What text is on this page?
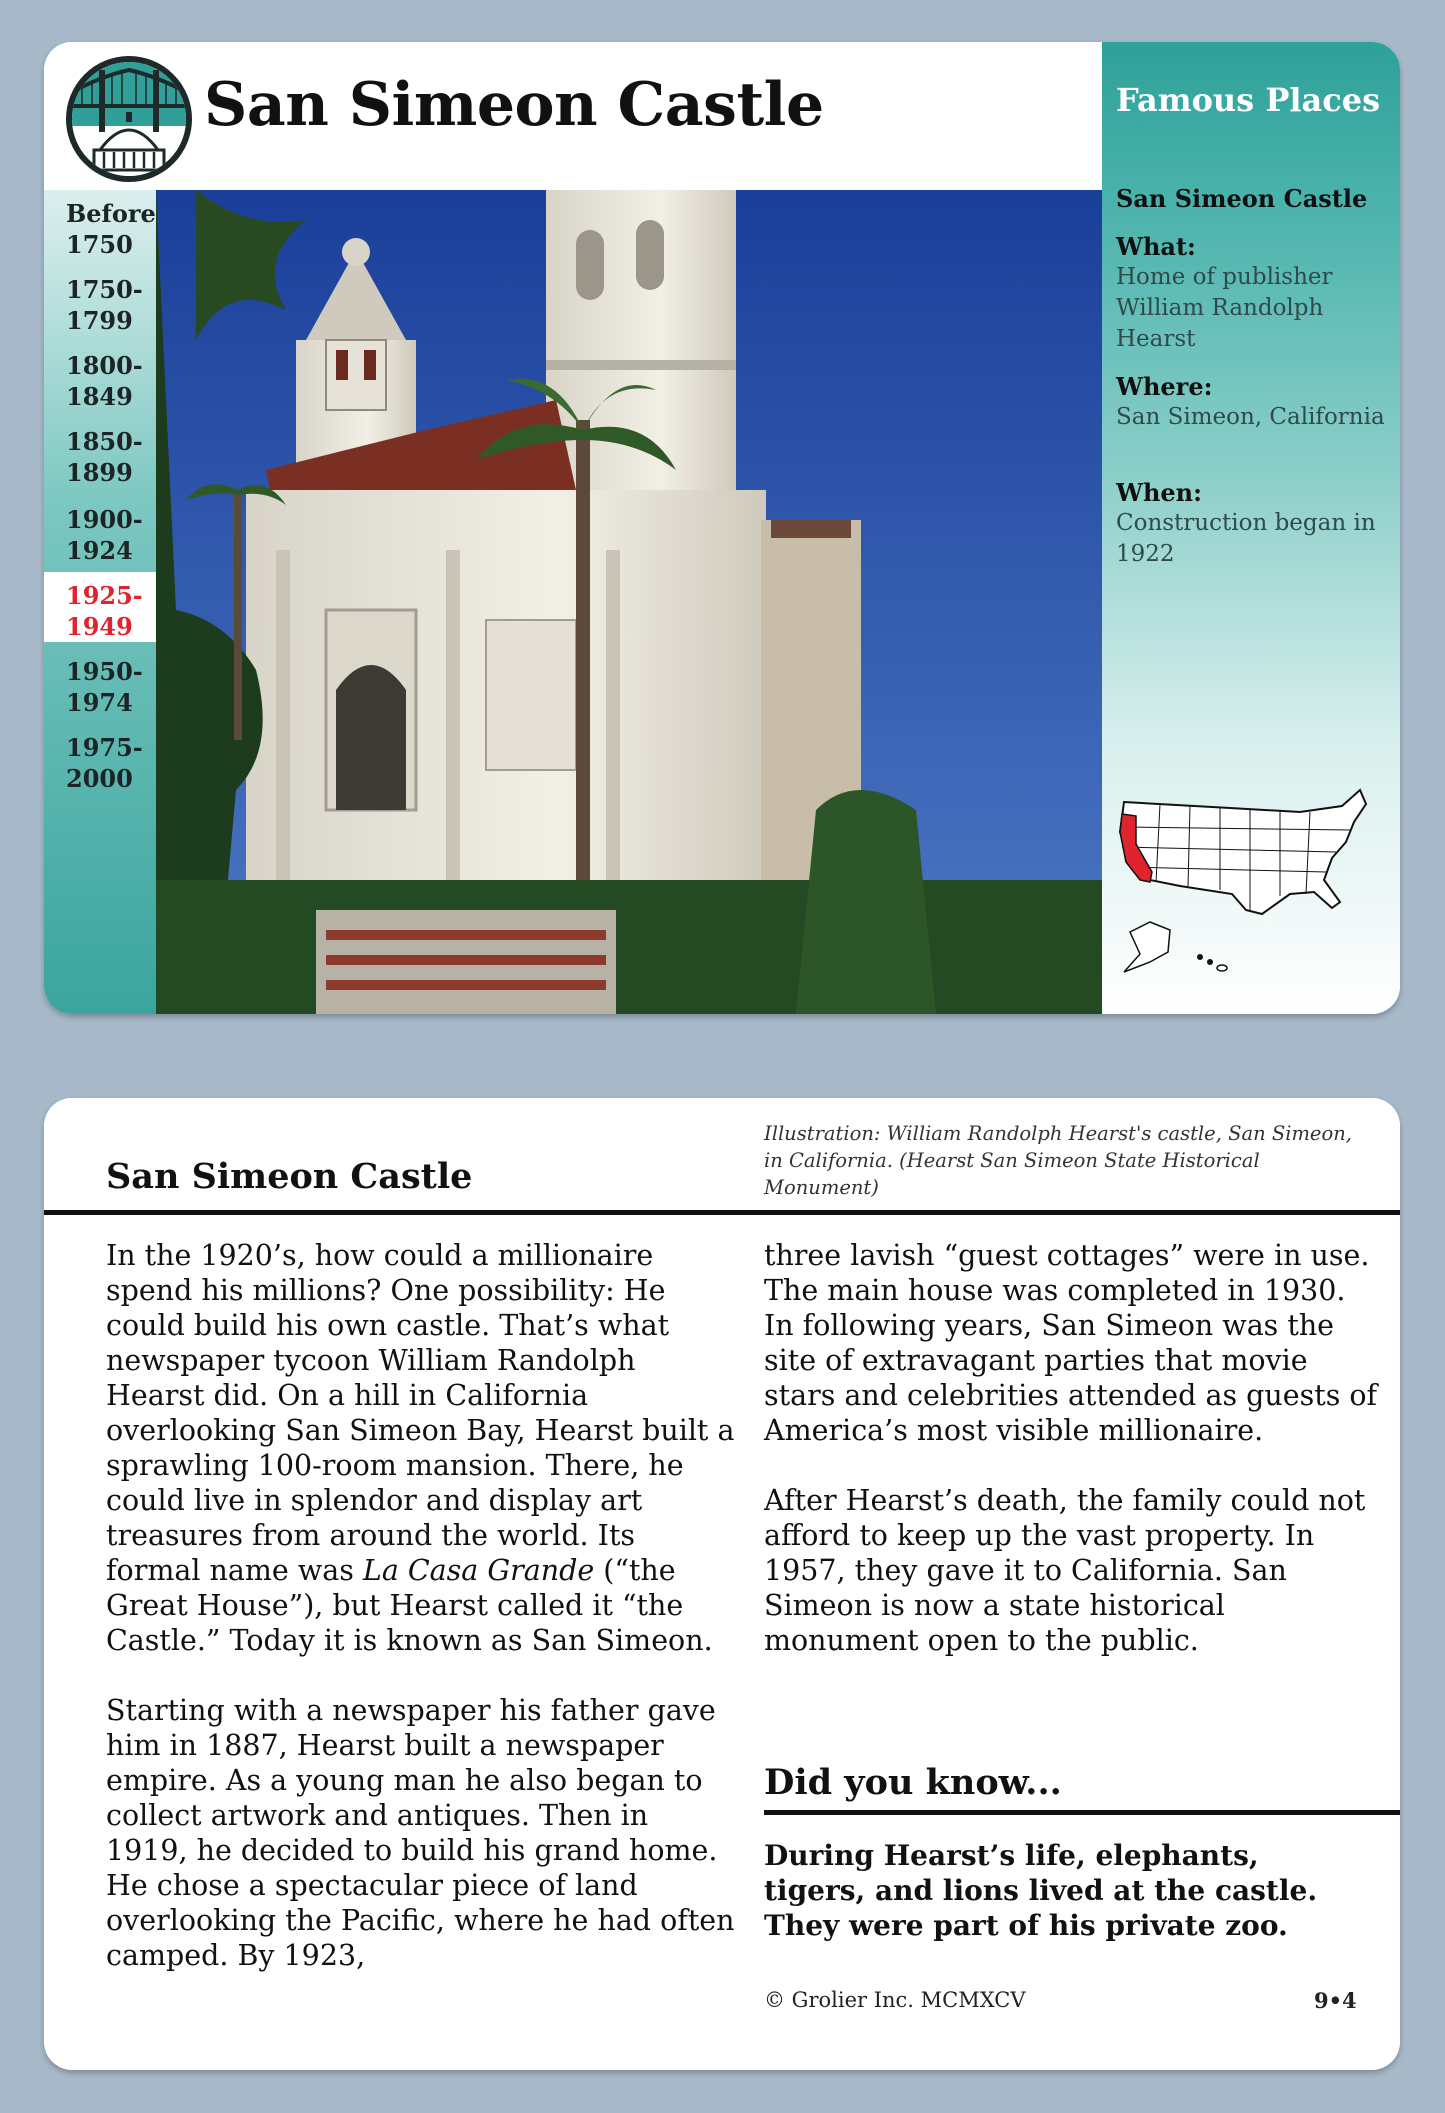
San Simeon Castle
Before 1750
1750-1799
1800-1849
1850-1899
1900-1924
1925-1949
1950-1974
1975-2000
Famous Places
San Simeon Castle
What:
Home of publisher William Randolph Hearst
Where:
San Simeon, California
When:
Construction began in 1922
San Simeon Castle
Illustration: William Randolph Hearst's castle, San Simeon, in California. (Hearst San Simeon State Historical Monument)

In the 1920’s, how could a millionaire spend his millions? One possibility: He could build his own castle. That’s what newspaper tycoon William Randolph Hearst did. On a hill in California overlooking San Simeon Bay, Hearst built a sprawling 100-room mansion. There, he could live in splendor and display art treasures from around the world. Its formal name was La Casa Grande (“the Great House”), but Hearst called it “the Castle.” Today it is known as San Simeon.

Starting with a newspaper his father gave him in 1887, Hearst built a newspaper empire. As a young man he also began to collect artwork and antiques. Then in 1919, he decided to build his grand home. He chose a spectacular piece of land overlooking the Pacific, where he had often camped. By 1923,

three lavish “guest cottages” were in use. The main house was completed in 1930. In following years, San Simeon was the site of extravagant parties that movie stars and celebrities attended as guests of America’s most visible millionaire.

After Hearst’s death, the family could not afford to keep up the vast property. In 1957, they gave it to California. San Simeon is now a state historical monument open to the public.

Did you know...
During Hearst’s life, elephants, tigers, and lions lived at the castle. They were part of his private zoo.
© Grolier Inc. MCMXCV	9•4
